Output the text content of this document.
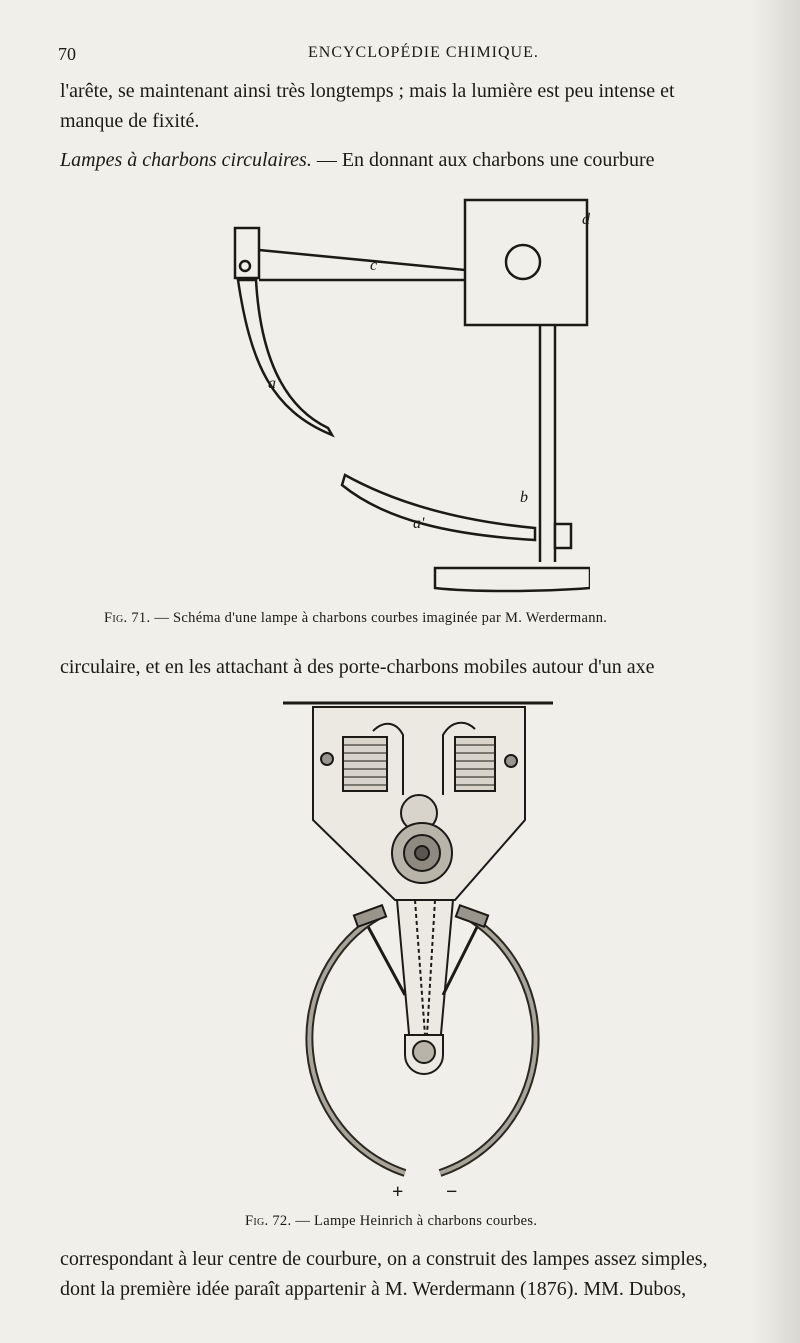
70	ENCYCLOPÉDIE CHIMIQUE.
l'arête, se maintenant ainsi très longtemps ; mais la lumière est peu intense et
manque de fixité.
Lampes à charbons circulaires. — En donnant aux charbons une courbure
a
a'
b
c
d
Fig. 71. — Schéma d'une lampe à charbons courbes imaginée par M. Werdermann.
circulaire, et en les attachant à des porte-charbons mobiles autour d'un axe
+ −
Fig. 72. — Lampe Heinrich à charbons courbes.
correspondant à leur centre de courbure, on a construit des lampes assez simples,
dont la première idée paraît appartenir à M. Werdermann (1876). MM. Dubos,
